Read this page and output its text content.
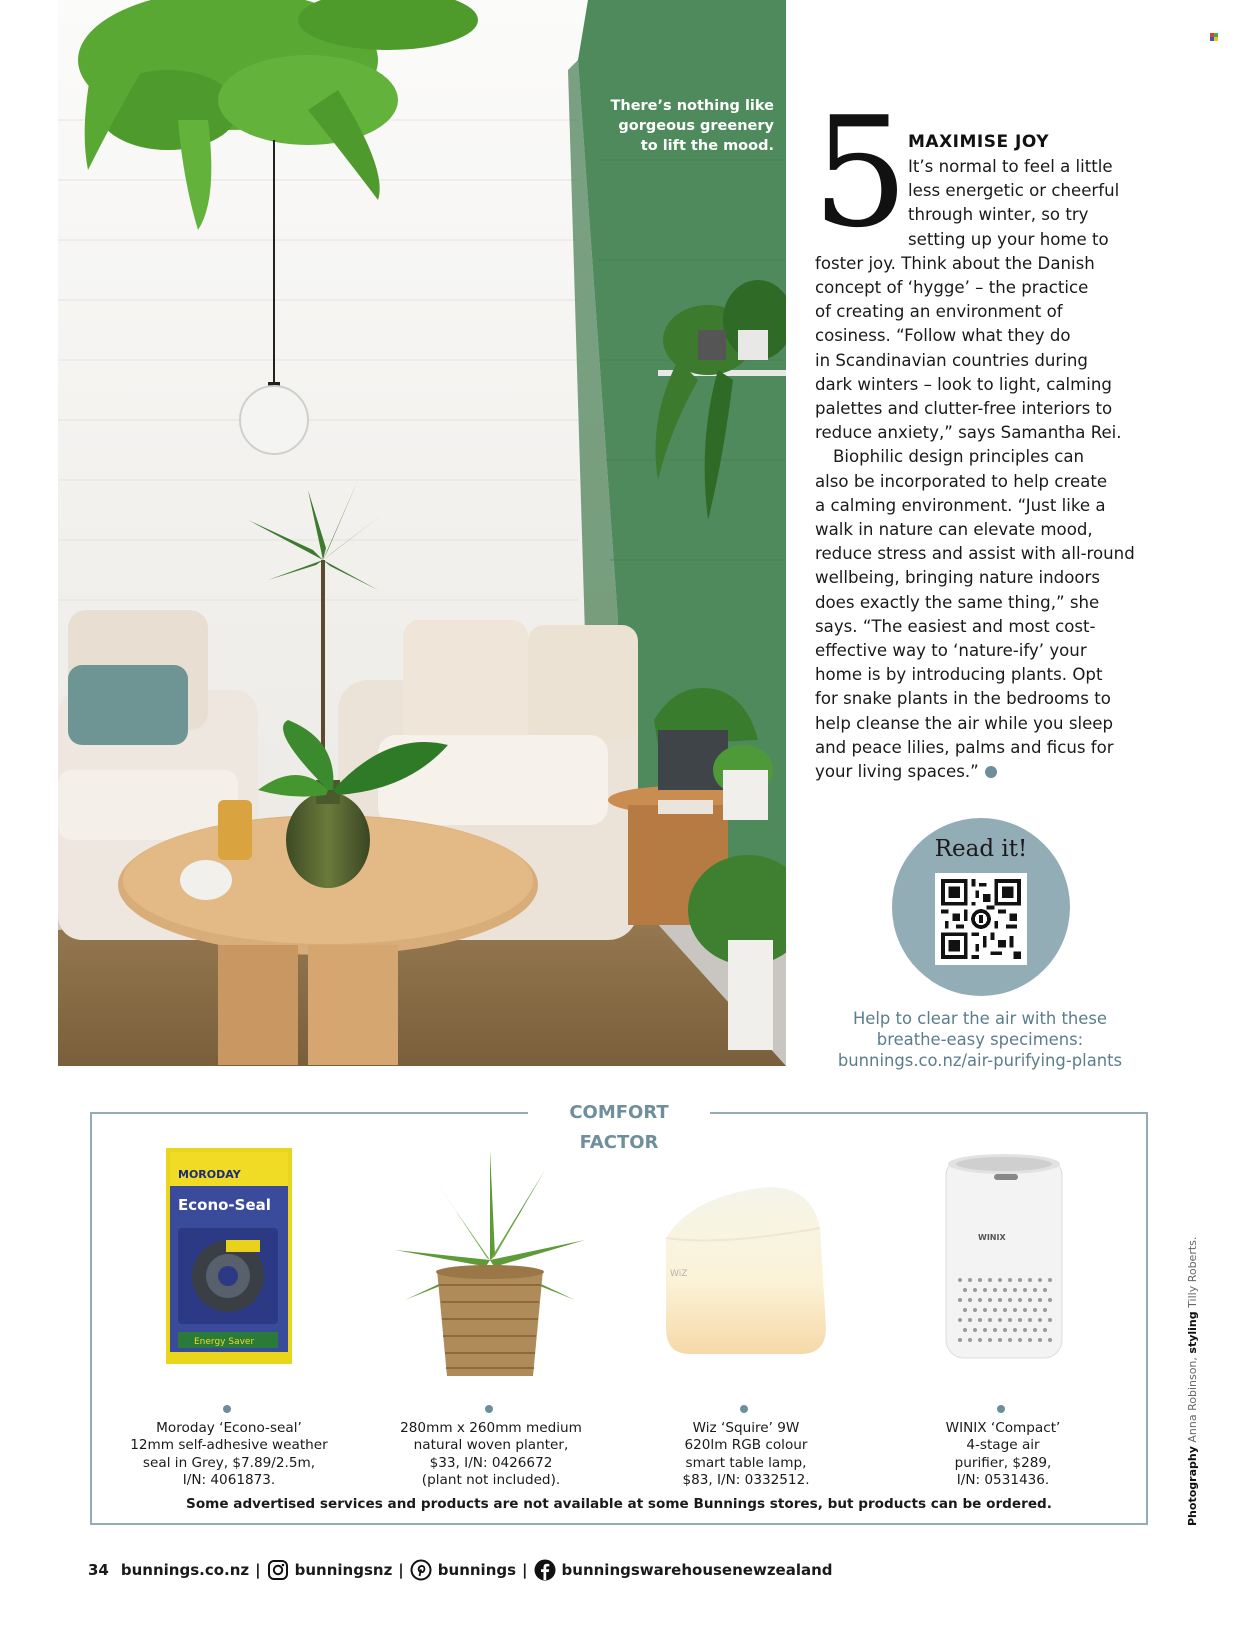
There’s nothing like
gorgeous greenery
to lift the mood. 5 MAXIMISE JOY
It’s normal to feel a little
less energetic or cheerful
through winter, so try
setting up your home to
foster joy. Think about the Danish
concept of ‘hygge’ – the practice
of creating an environment of
cosiness. “Follow what they do
in Scandinavian countries during
dark winters – look to light, calming
palettes and clutter-free interiors to
reduce anxiety,” says Samantha Rei.
Biophilic design principles can
also be incorporated to help create
a calming environment. “Just like a
walk in nature can elevate mood,
reduce stress and assist with all-round
wellbeing, bringing nature indoors
does exactly the same thing,” she
says. “The easiest and most cost-
effective way to ‘nature-ify’ your
home is by introducing plants. Opt
for snake plants in the bedrooms to
help cleanse the air while you sleep
and peace lilies, palms and ficus for
your living spaces.”
Read it!
Help to clear the air with these
breathe-easy specimens:
bunnings.co.nz/air-purifying-plants
COMFORT FACTOR
MORODAY
Econo-Seal
Energy Saver
WiZ
WINIX
Moroday ‘Econo-seal’
12mm self-adhesive weather
seal in Grey, $7.89/2.5m,
I/N: 4061873.
280mm x 260mm medium
natural woven planter,
$33, I/N: 0426672
(plant not included).
Wiz ‘Squire’ 9W
620lm RGB colour
smart table lamp,
$83, I/N: 0332512.
WINIX ‘Compact’
4-stage air
purifier, $289,
I/N: 0531436.
Some advertised services and products are not available at some Bunnings stores, but products can be ordered.	Photography Anna Robinson, styling Tilly Roberts.
34 bunnings.co.nz | bunningsnz | bunnings | bunningswarehousenewzealand
